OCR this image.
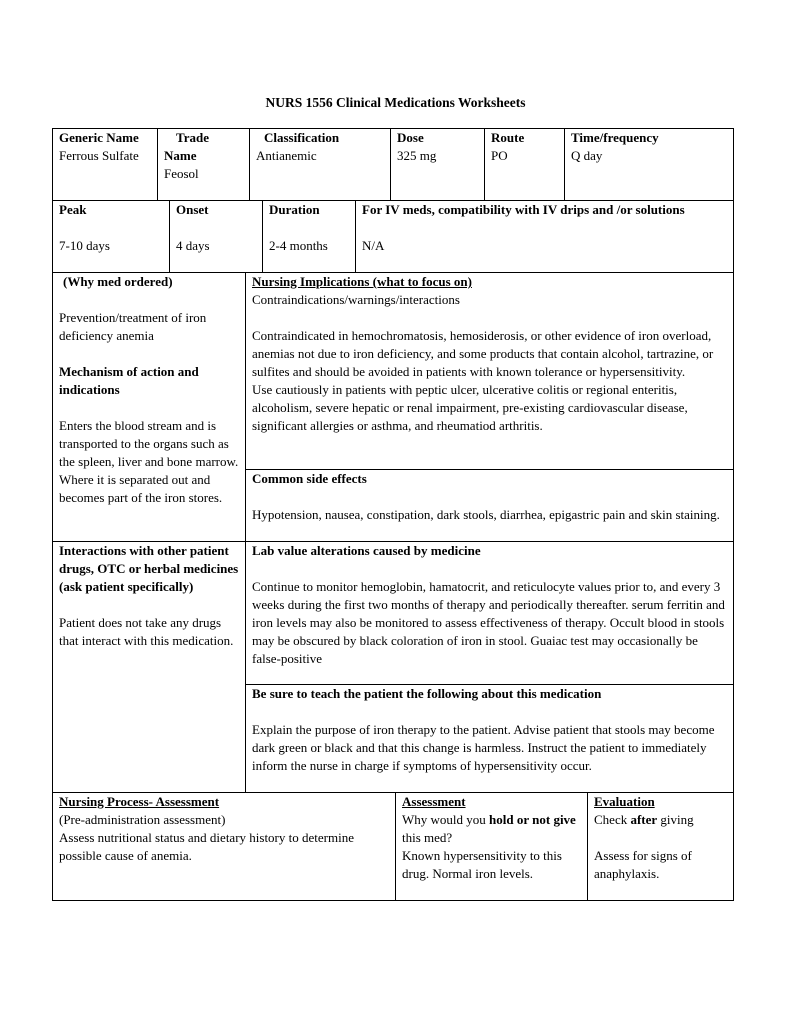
NURS 1556 Clinical Medications Worksheets

Generic Name

Ferrous Sulfate

Trade Name

Feosol

Classification

Antianemic

Dose

325 mg

Route

PO

Time/frequency

Q day

Peak

7-10 days

Onset

4 days

Duration

2-4 months

For IV meds, compatibility with IV drips and /or solutions

N/A

(Why med ordered)

Prevention/treatment of iron deficiency anemia

Mechanism of action and indications

Enters the blood stream and is transported to the organs such as the spleen, liver and bone marrow. Where it is separated out and becomes part of the iron stores.

Nursing Implications (what to focus on)

Contraindications/warnings/interactions

Contraindicated in hemochromatosis, hemosiderosis, or other evidence of iron overload, anemias not due to iron deficiency, and some products that contain alcohol, tartrazine, or sulfites and should be avoided in patients with known tolerance or hypersensitivity.

Use cautiously in patients with peptic ulcer, ulcerative colitis or regional enteritis, alcoholism, severe hepatic or renal impairment, pre-existing cardiovascular disease, significant allergies or asthma, and rheumatiod arthritis.

Common side effects

Hypotension, nausea, constipation, dark stools, diarrhea, epigastric pain and skin staining.

Interactions with other patient drugs, OTC or herbal medicines (ask patient specifically)

Patient does not take any drugs that interact with this medication.

Lab value alterations caused by medicine

Continue to monitor hemoglobin, hamatocrit, and reticulocyte values prior to, and every 3 weeks during the first two months of therapy and periodically thereafter. serum ferritin and iron levels may also be monitored to assess effectiveness of therapy. Occult blood in stools may be obscured by black coloration of iron in stool. Guaiac test may occasionally be false-positive

Be sure to teach the patient the following about this medication

Explain the purpose of iron therapy to the patient. Advise patient that stools may become dark green or black and that this change is harmless. Instruct the patient to immediately inform the nurse in charge if symptoms of hypersensitivity occur.

Nursing Process- Assessment

(Pre-administration assessment)

Assess nutritional status and dietary history to determine possible cause of anemia.

Assessment

Why would you hold or not give this med?

Known hypersensitivity to this drug. Normal iron levels.

Evaluation

Check after giving

Assess for signs of anaphylaxis.
